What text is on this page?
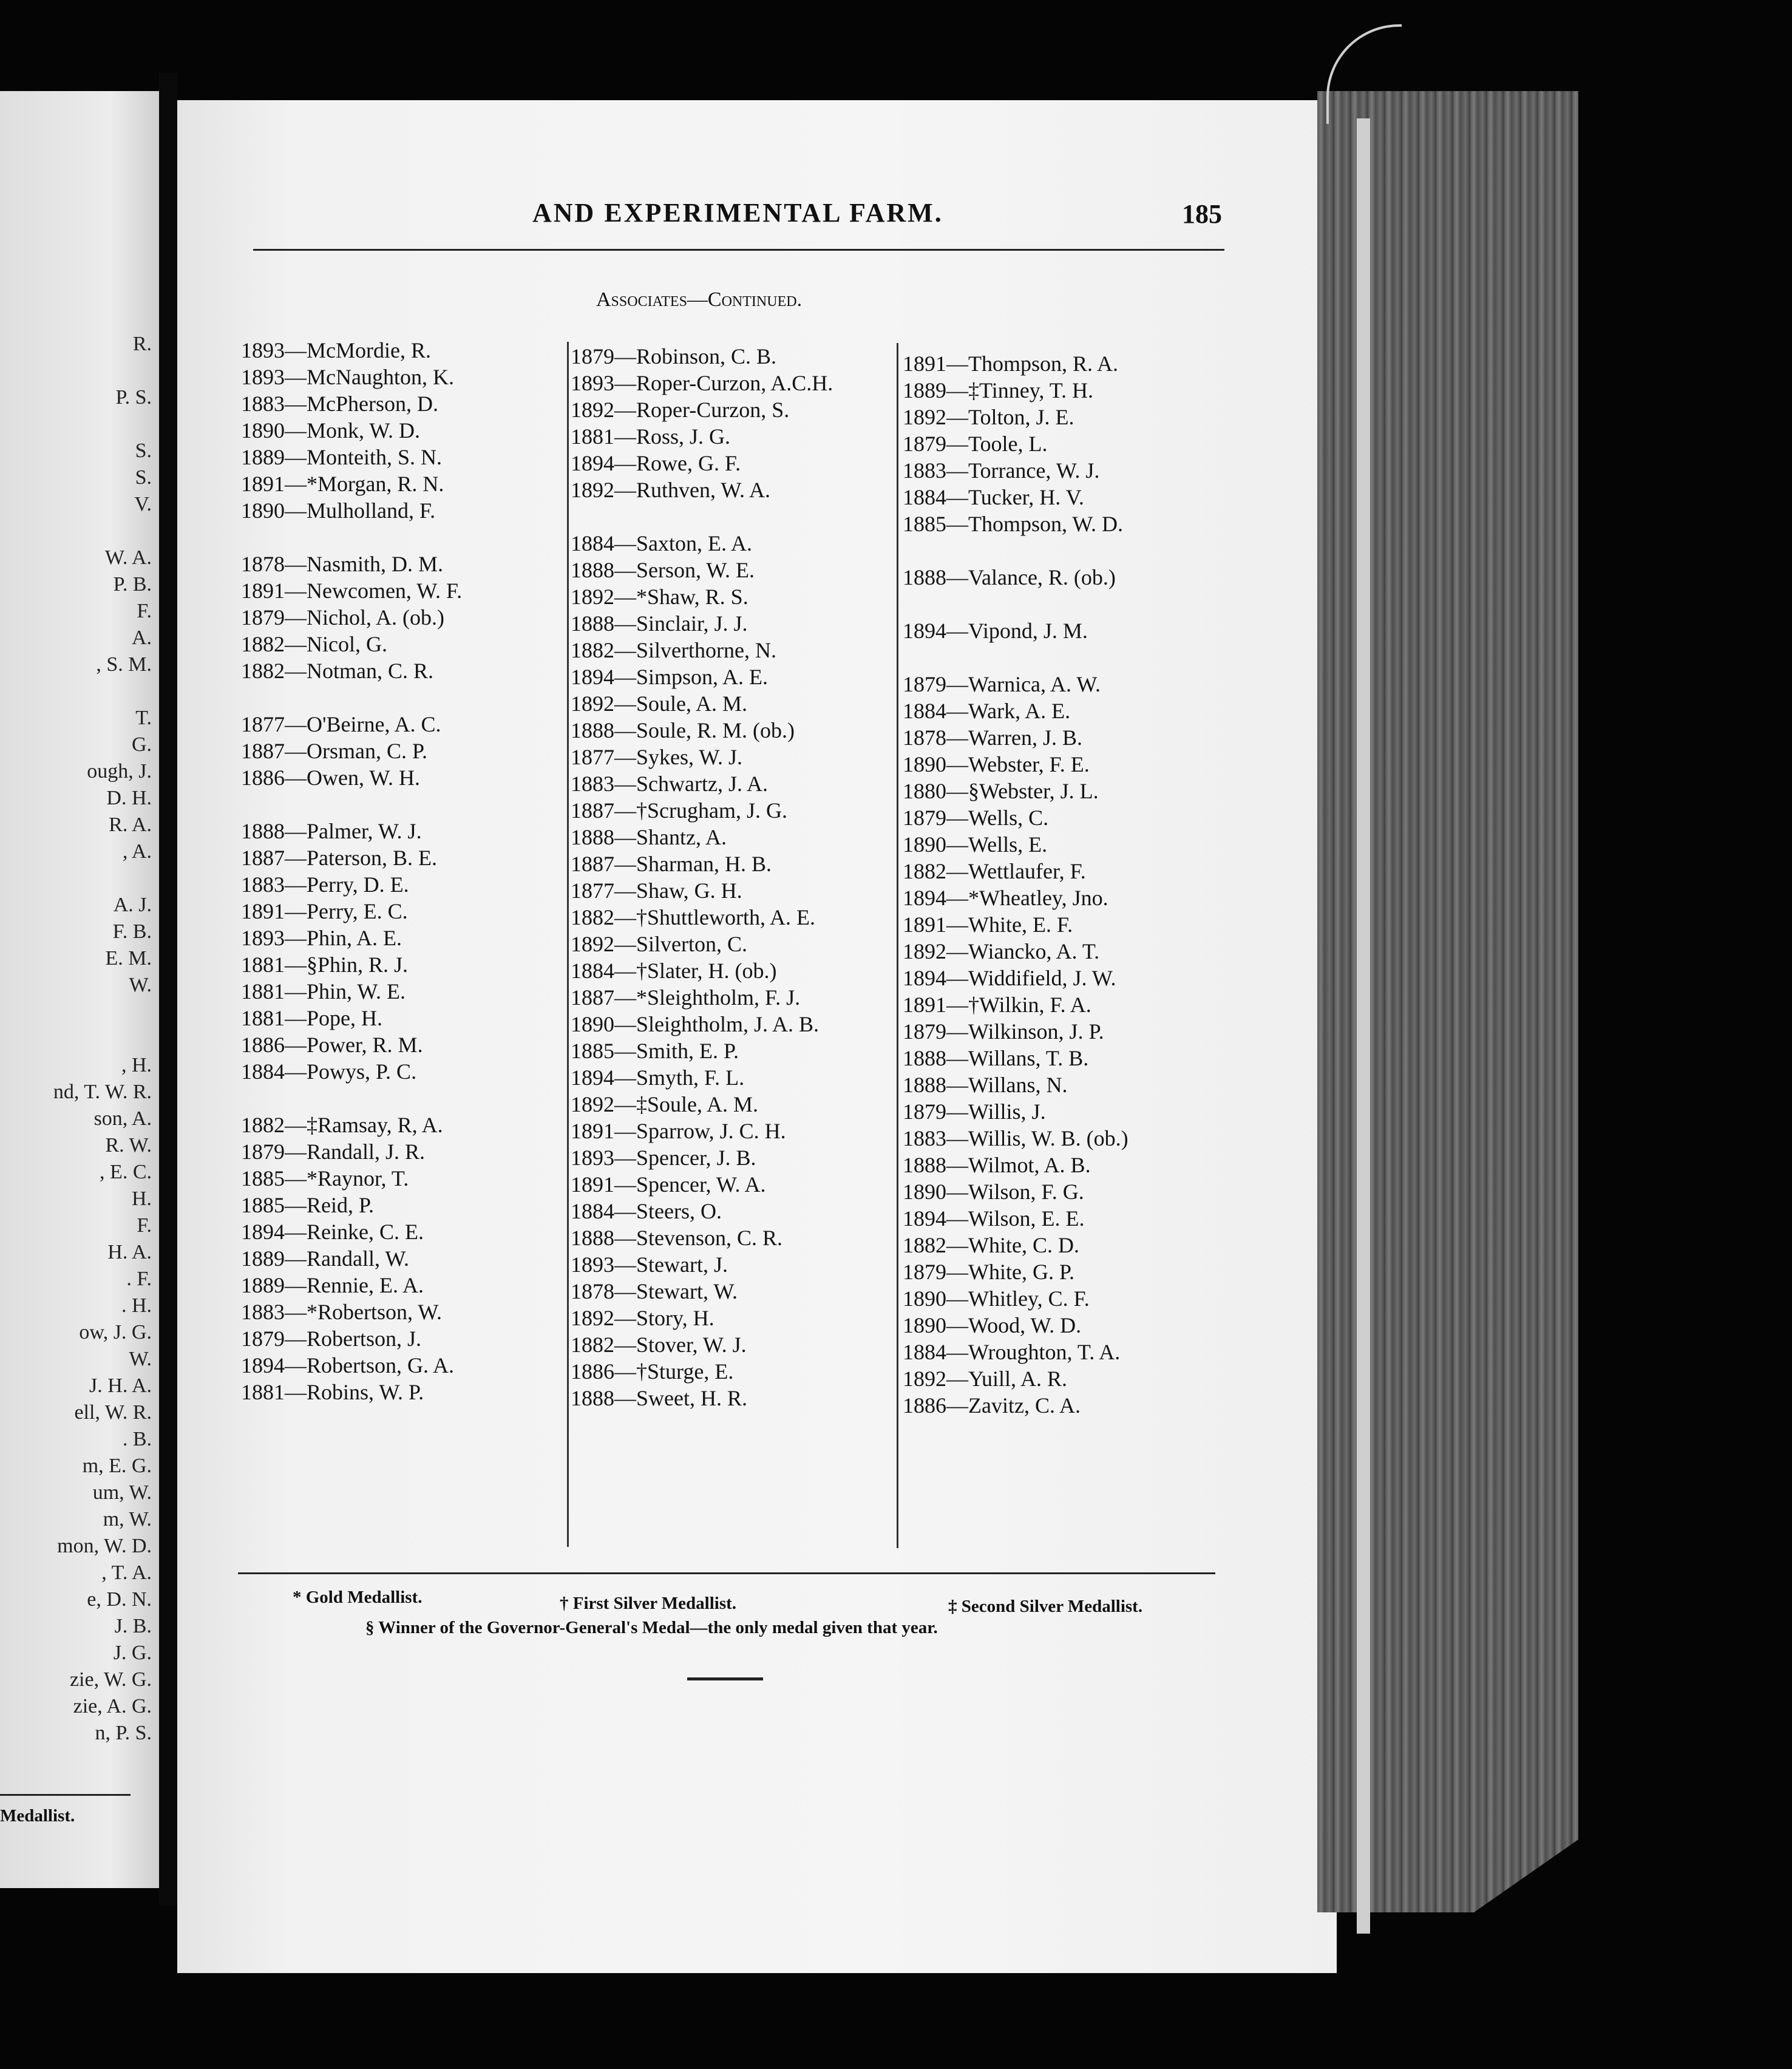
R.
P. S.
S.
S.
V.
W. A.
P. B.
F.
A.
, S. M.
T.
G.
ough, J.
D. H.
R. A.
, A.
A. J.
F. B.
E. M.
W.
, H.
nd, T. W. R.
son, A.
R. W.
, E. C.
H.
F.
H. A.
. F.
. H.
ow, J. G.
W.
J. H. A.
ell, W. R.
. B.
m, E. G.
um, W.
m, W.
mon, W. D.
, T. A.
e, D. N.
J. B.
J. G.
zie, W. G.
zie, A. G.
n, P. S.
Medallist.
AND EXPERIMENTAL FARM.	185
Associates—Continued.
1893—McMordie, R.
1893—McNaughton, K.
1883—McPherson, D.
1890—Monk, W. D.
1889—Monteith, S. N.
1891—*Morgan, R. N.
1890—Mulholland, F.
1878—Nasmith, D. M.
1891—Newcomen, W. F.
1879—Nichol, A. (ob.)
1882—Nicol, G.
1882—Notman, C. R.
1877—O'Beirne, A. C.
1887—Orsman, C. P.
1886—Owen, W. H.
1888—Palmer, W. J.
1887—Paterson, B. E.
1883—Perry, D. E.
1891—Perry, E. C.
1893—Phin, A. E.
1881—§Phin, R. J.
1881—Phin, W. E.
1881—Pope, H.
1886—Power, R. M.
1884—Powys, P. C.
1882—‡Ramsay, R, A.
1879—Randall, J. R.
1885—*Raynor, T.
1885—Reid, P.
1894—Reinke, C. E.
1889—Randall, W.
1889—Rennie, E. A.
1883—*Robertson, W.
1879—Robertson, J.
1894—Robertson, G. A.
1881—Robins, W. P.
1879—Robinson, C. B.
1893—Roper-Curzon, A.C.H.
1892—Roper-Curzon, S.
1881—Ross, J. G.
1894—Rowe, G. F.
1892—Ruthven, W. A.
1884—Saxton, E. A.
1888—Serson, W. E.
1892—*Shaw, R. S.
1888—Sinclair, J. J.
1882—Silverthorne, N.
1894—Simpson, A. E.
1892—Soule, A. M.
1888—Soule, R. M. (ob.)
1877—Sykes, W. J.
1883—Schwartz, J. A.
1887—†Scrugham, J. G.
1888—Shantz, A.
1887—Sharman, H. B.
1877—Shaw, G. H.
1882—†Shuttleworth, A. E.
1892—Silverton, C.
1884—†Slater, H. (ob.)
1887—*Sleightholm, F. J.
1890—Sleightholm, J. A. B.
1885—Smith, E. P.
1894—Smyth, F. L.
1892—‡Soule, A. M.
1891—Sparrow, J. C. H.
1893—Spencer, J. B.
1891—Spencer, W. A.
1884—Steers, O.
1888—Stevenson, C. R.
1893—Stewart, J.
1878—Stewart, W.
1892—Story, H.
1882—Stover, W. J.
1886—†Sturge, E.
1888—Sweet, H. R.
1891—Thompson, R. A.
1889—‡Tinney, T. H.
1892—Tolton, J. E.
1879—Toole, L.
1883—Torrance, W. J.
1884—Tucker, H. V.
1885—Thompson, W. D.
1888—Valance, R. (ob.)
1894—Vipond, J. M.
1879—Warnica, A. W.
1884—Wark, A. E.
1878—Warren, J. B.
1890—Webster, F. E.
1880—§Webster, J. L.
1879—Wells, C.
1890—Wells, E.
1882—Wettlaufer, F.
1894—*Wheatley, Jno.
1891—White, E. F.
1892—Wiancko, A. T.
1894—Widdifield, J. W.
1891—†Wilkin, F. A.
1879—Wilkinson, J. P.
1888—Willans, T. B.
1888—Willans, N.
1879—Willis, J.
1883—Willis, W. B. (ob.)
1888—Wilmot, A. B.
1890—Wilson, F. G.
1894—Wilson, E. E.
1882—White, C. D.
1879—White, G. P.
1890—Whitley, C. F.
1890—Wood, W. D.
1884—Wroughton, T. A.
1892—Yuill, A. R.
1886—Zavitz, C. A.
* Gold Medallist.	† First Silver Medallist.	‡ Second Silver Medallist.
§ Winner of the Governor-General's Medal—the only medal given that year.
